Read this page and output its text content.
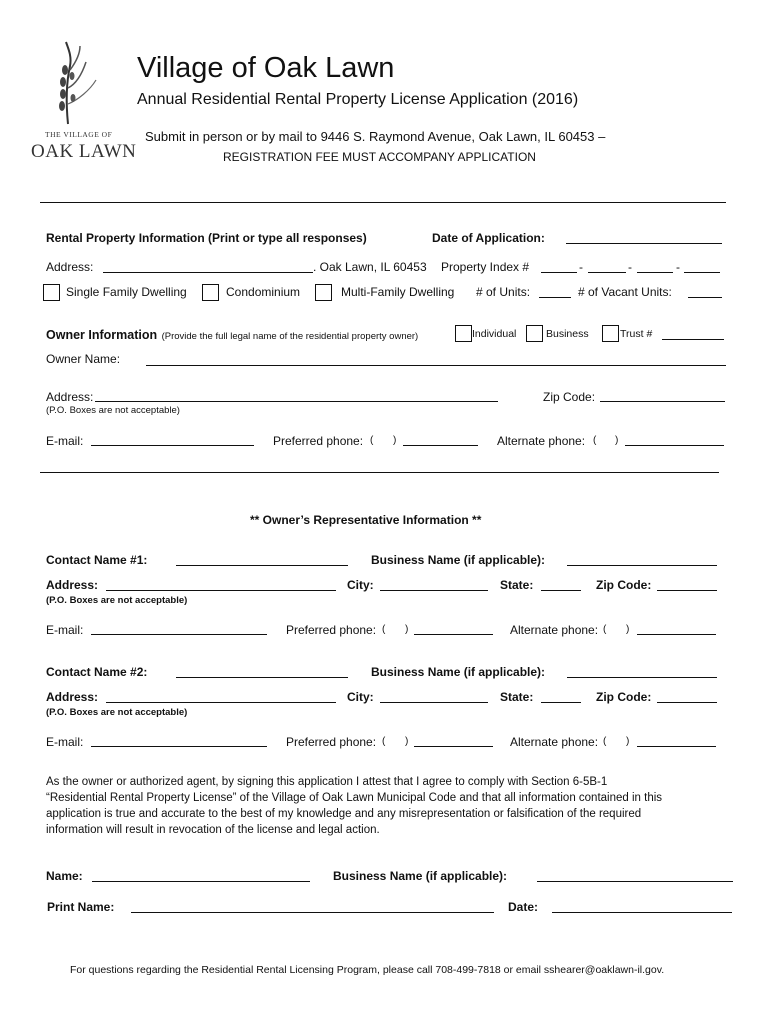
THE VILLAGE OF
OAK LAWN
Village of Oak Lawn
Annual Residential Rental Property License Application (2016)
Submit in person or by mail to 9446 S. Raymond Avenue, Oak Lawn, IL 60453 –
REGISTRATION FEE MUST ACCOMPANY APPLICATION
Rental Property Information (Print or type all responses)	Date of Application:
Address:	. Oak Lawn, IL 60453 Property Index #	-	-	-
Single Family Dwelling	Condominium	Multi-Family Dwelling # of Units:	# of Vacant Units:
Owner Information (Provide the full legal name of the residential property owner)	Individual	Business	Trust #
Owner Name:
Address:	Zip Code:
(P.O. Boxes are not acceptable)
E-mail:	Preferred phone: ( )	Alternate phone: ( )
** Owner’s Representative Information **
Contact Name #1:	Business Name (if applicable):
Address:	City:	State:	Zip Code:
(P.O. Boxes are not acceptable)
E-mail:	Preferred phone: ( )	Alternate phone: ( )
Contact Name #2:	Business Name (if applicable):
Address:	City:	State:	Zip Code:
(P.O. Boxes are not acceptable)
E-mail:	Preferred phone: ( )	Alternate phone: ( )
As the owner or authorized agent, by signing this application I attest that I agree to comply with Section 6-5B-1
“Residential Rental Property License” of the Village of Oak Lawn Municipal Code and that all information contained in this
application is true and accurate to the best of my knowledge and any misrepresentation or falsification of the required
information will result in revocation of the license and legal action.
Name:	Business Name (if applicable):
Print Name:	Date:
For questions regarding the Residential Rental Licensing Program, please call 708-499-7818 or email sshearer@oaklawn-il.gov.
